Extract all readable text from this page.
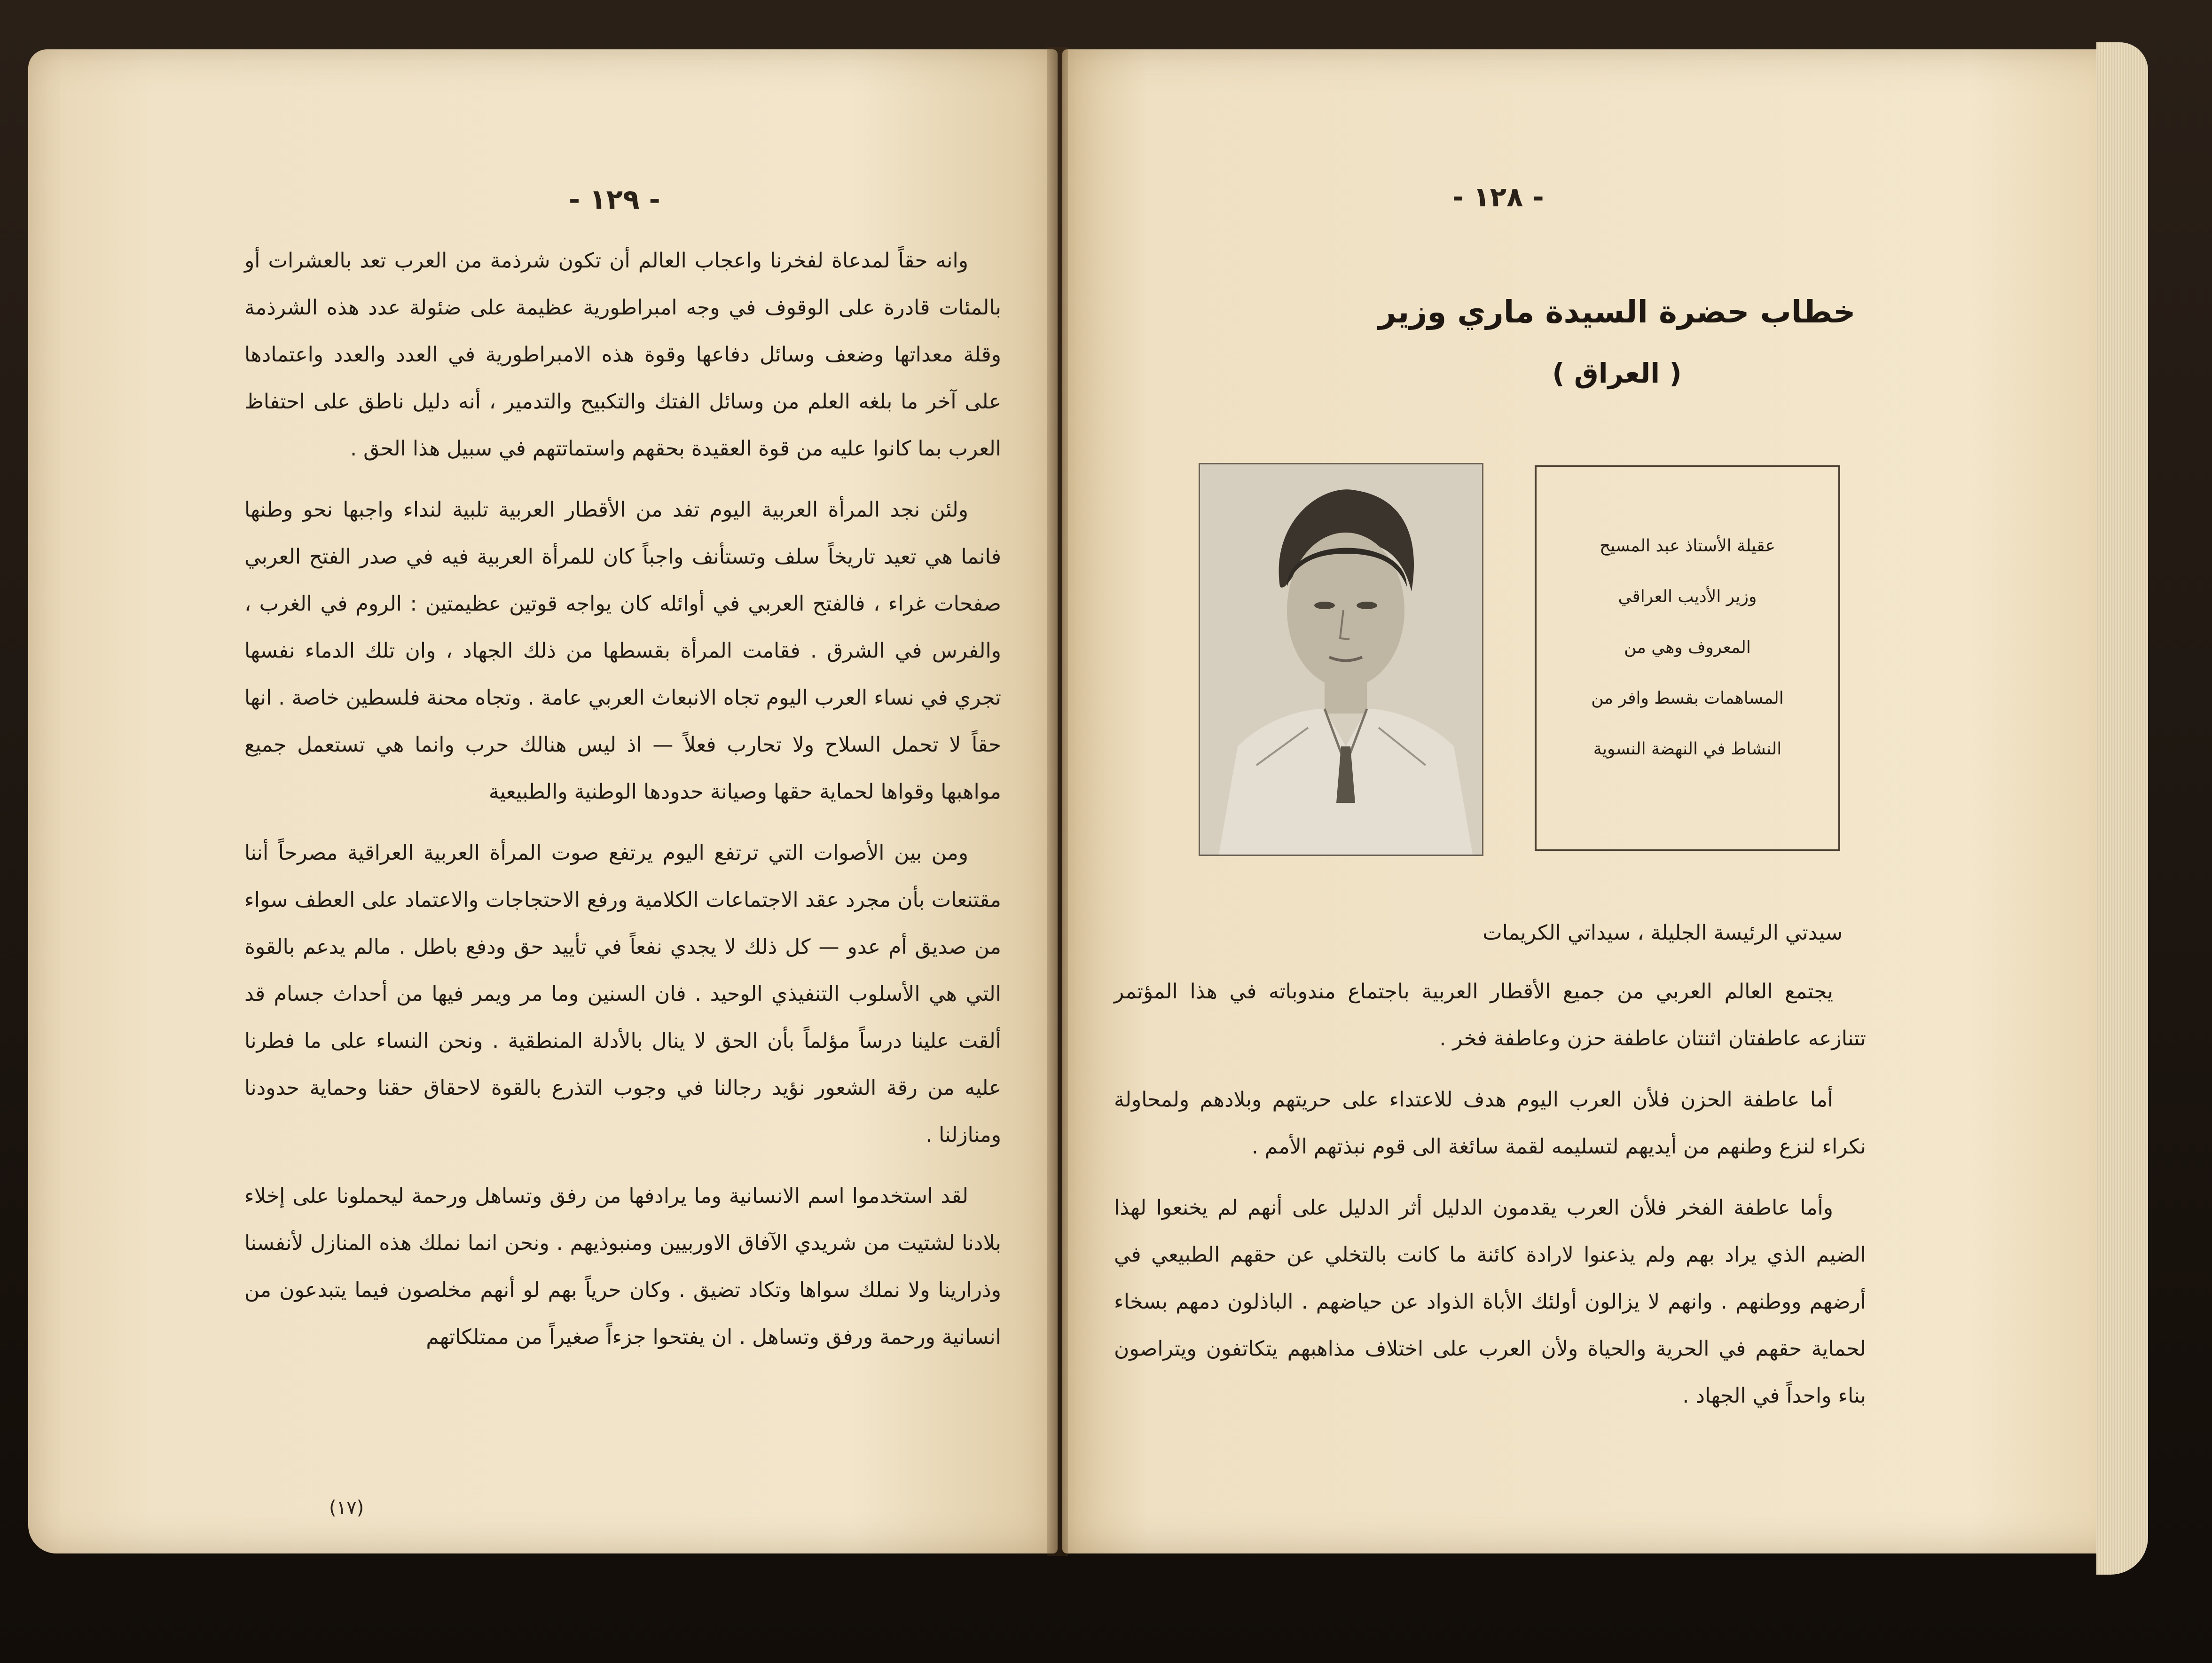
- ١٢٩ -

وانه حقاً لمدعاة لفخرنا واعجاب العالم أن تكون شرذمة من العرب تعد بالعشرات أو بالمئات قادرة على الوقوف في وجه امبراطورية عظيمة على ضئولة عدد هذه الشرذمة وقلة معداتها وضعف وسائل دفاعها وقوة هذه الامبراطورية في العدد والعدد واعتمادها على آخر ما بلغه العلم من وسائل الفتك والتكبيح والتدمير ، أنه دليل ناطق على احتفاظ العرب بما كانوا عليه من قوة العقيدة بحقهم واستماتتهم في سبيل هذا الحق .

ولئن نجد المرأة العربية اليوم تفد من الأقطار العربية تلبية لنداء واجبها نحو وطنها فانما هي تعيد تاريخاً سلف وتستأنف واجباً كان للمرأة العربية فيه في صدر الفتح العربي صفحات غراء ، فالفتح العربي في أوائله كان يواجه قوتين عظيمتين : الروم في الغرب ، والفرس في الشرق . فقامت المرأة بقسطها من ذلك الجهاد ، وان تلك الدماء نفسها تجري في نساء العرب اليوم تجاه الانبعاث العربي عامة . وتجاه محنة فلسطين خاصة . انها حقاً لا تحمل السلاح ولا تحارب فعلاً — اذ ليس هنالك حرب وانما هي تستعمل جميع مواهبها وقواها لحماية حقها وصيانة حدودها الوطنية والطبيعية

ومن بين الأصوات التي ترتفع اليوم يرتفع صوت المرأة العربية العراقية مصرحاً أننا مقتنعات بأن مجرد عقد الاجتماعات الكلامية ورفع الاحتجاجات والاعتماد على العطف سواء من صديق أم عدو — كل ذلك لا يجدي نفعاً في تأييد حق ودفع باطل . مالم يدعم بالقوة التي هي الأسلوب التنفيذي الوحيد . فان السنين وما مر ويمر فيها من أحداث جسام قد ألقت علينا درساً مؤلماً بأن الحق لا ينال بالأدلة المنطقية . ونحن النساء على ما فطرنا عليه من رقة الشعور نؤيد رجالنا في وجوب التذرع بالقوة لاحقاق حقنا وحماية حدودنا ومنازلنا .

لقد استخدموا اسم الانسانية وما يرادفها من رفق وتساهل ورحمة ليحملونا على إخلاء بلادنا لشتيت من شريدي الآفاق الاوربيين ومنبوذيهم . ونحن انما نملك هذه المنازل لأنفسنا وذرارينا ولا نملك سواها وتكاد تضيق . وكان حرياً بهم لو أنهم مخلصون فيما يتبدعون من انسانية ورحمة ورفق وتساهل . ان يفتحوا جزءاً صغيراً من ممتلكاتهم

(١٧)
- ١٢٨ -
خطاب حضرة السيدة ماري وزير
( العراق )
عقيلة الأستاذ عبد المسيح
وزير الأديب العراقي
المعروف وهي من
المساهمات بقسط وافر من
النشاط في النهضة النسوية
سيدتي الرئيسة الجليلة ، سيداتي الكريمات

يجتمع العالم العربي من جميع الأقطار العربية باجتماع مندوباته في هذا المؤتمر تتنازعه عاطفتان اثنتان عاطفة حزن وعاطفة فخر .

أما عاطفة الحزن فلأن العرب اليوم هدف للاعتداء على حريتهم وبلادهم ولمحاولة نكراء لنزع وطنهم من أيديهم لتسليمه لقمة سائغة الى قوم نبذتهم الأمم .

وأما عاطفة الفخر فلأن العرب يقدمون الدليل أثر الدليل على أنهم لم يخنعوا لهذا الضيم الذي يراد بهم ولم يذعنوا لارادة كائنة ما كانت بالتخلي عن حقهم الطبيعي في أرضهم ووطنهم . وانهم لا يزالون أولئك الأباة الذواد عن حياضهم . الباذلون دمهم بسخاء لحماية حقهم في الحرية والحياة ولأن العرب على اختلاف مذاهبهم يتكاتفون ويتراصون بناء واحداً في الجهاد .
